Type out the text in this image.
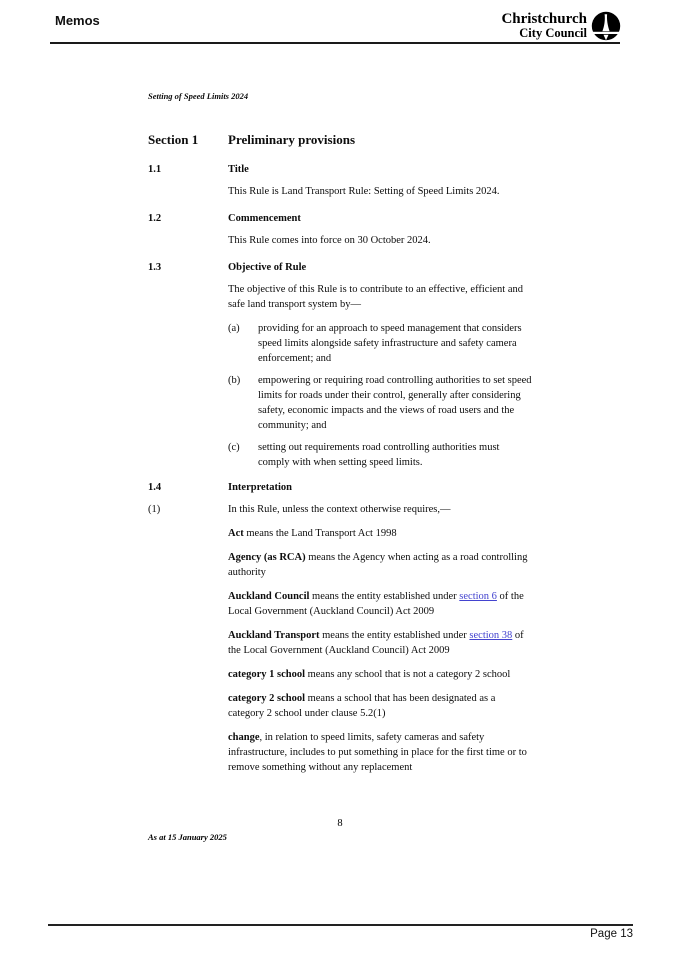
Memos	Christchurch
City Council
Setting of Speed Limits 2024
Section 1	Preliminary provisions
1.1	Title

This Rule is Land Transport Rule: Setting of Speed Limits 2024.

1.2	Commencement

This Rule comes into force on 30 October 2024.

1.3	Objective of Rule

The objective of this Rule is to contribute to an effective, efficient and safe land transport system by—

(a)	providing for an approach to speed management that considers speed limits alongside safety infrastructure and safety camera enforcement; and
(b)	empowering or requiring road controlling authorities to set speed limits for roads under their control, generally after considering safety, economic impacts and the views of road users and the community; and
(c)	setting out requirements road controlling authorities must comply with when setting speed limits.
1.4	Interpretation
(1)	In this Rule, unless the context otherwise requires,—

Act means the Land Transport Act 1998

Agency (as RCA) means the Agency when acting as a road controlling authority

Auckland Council means the entity established under section 6 of the Local Government (Auckland Council) Act 2009

Auckland Transport means the entity established under section 38 of the Local Government (Auckland Council) Act 2009

category 1 school means any school that is not a category 2 school

category 2 school means a school that has been designated as a category 2 school under clause 5.2(1)

change, in relation to speed limits, safety cameras and safety infrastructure, includes to put something in place for the first time or to remove something without any replacement

8
As at 15 January 2025
Page 13
